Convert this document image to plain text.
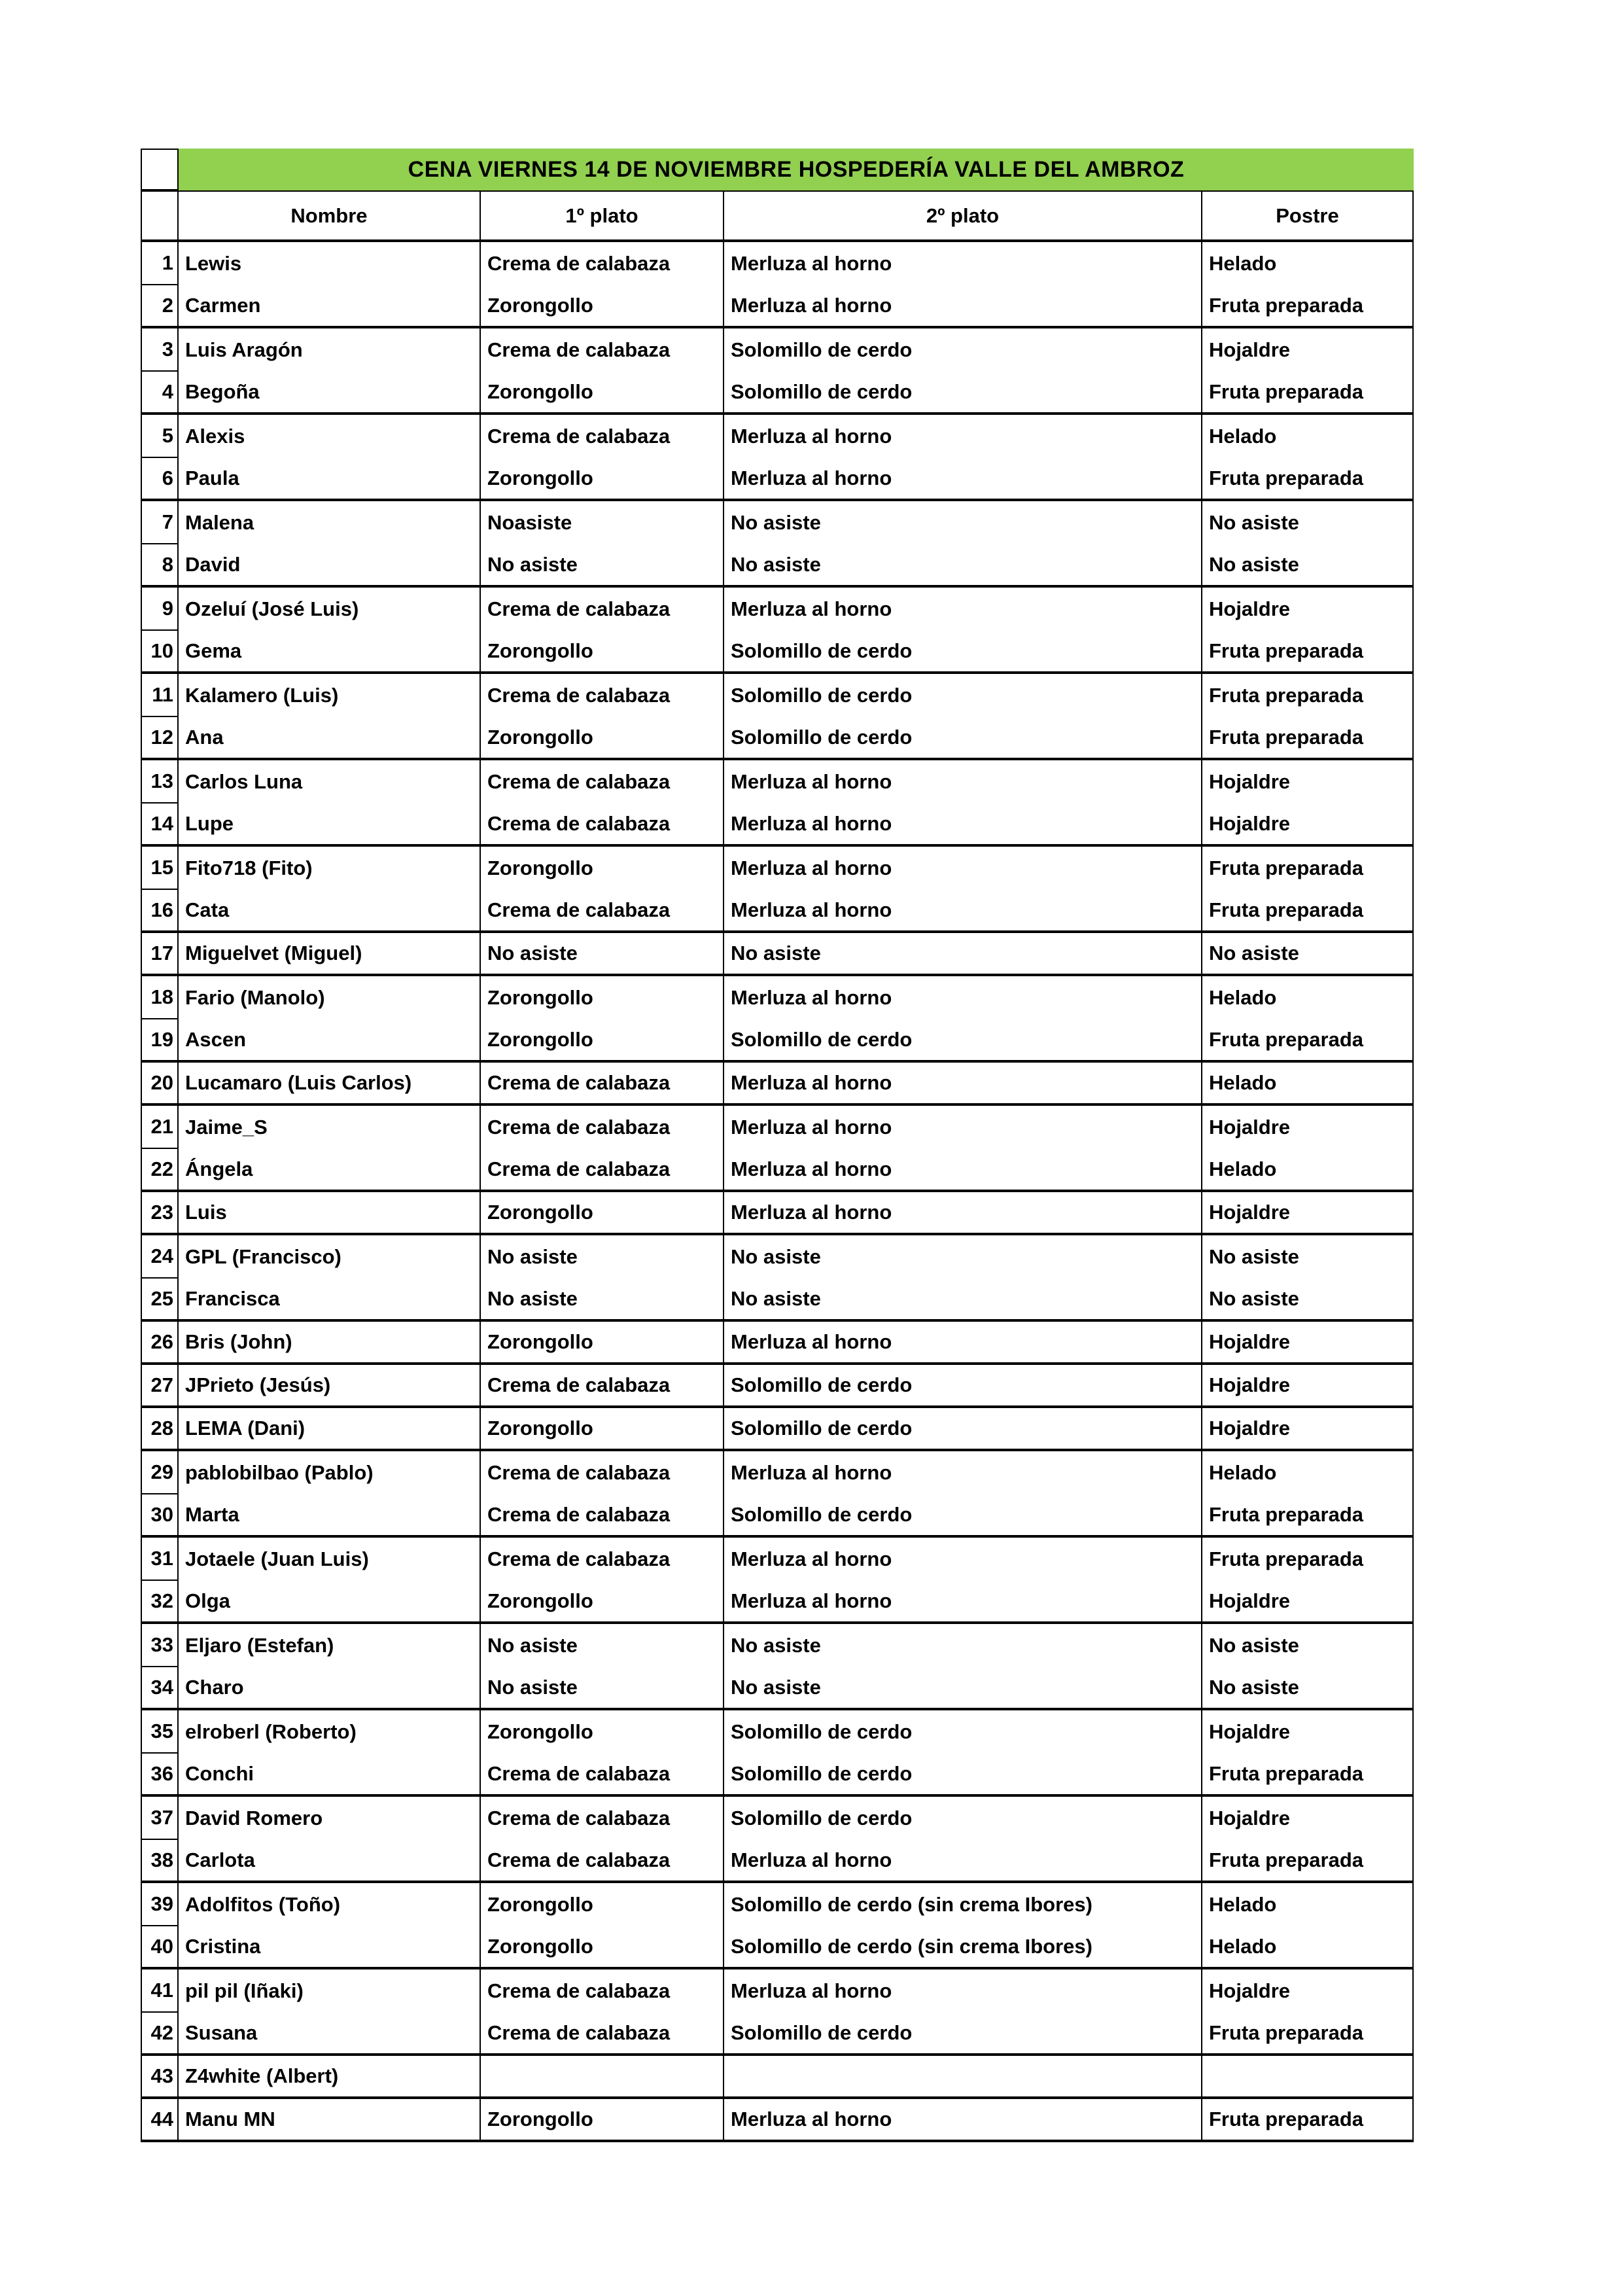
CENA VIERNES 14 DE NOVIEMBRE HOSPEDERÍA VALLE DEL AMBROZ
Nombre	1º plato	2º plato	Postre
1 Lewis	Crema de calabaza	Merluza al horno	Helado
2 Carmen	Zorongollo	Merluza al horno	Fruta preparada
3 Luis Aragón	Crema de calabaza	Solomillo de cerdo	Hojaldre
4 Begoña	Zorongollo	Solomillo de cerdo	Fruta preparada
5 Alexis	Crema de calabaza	Merluza al horno	Helado
6 Paula	Zorongollo	Merluza al horno	Fruta preparada
7 Malena	Noasiste	No asiste	No asiste
8 David	No asiste	No asiste	No asiste
9 Ozeluí (José Luis)	Crema de calabaza	Merluza al horno	Hojaldre
10 Gema	Zorongollo	Solomillo de cerdo	Fruta preparada
11 Kalamero (Luis)	Crema de calabaza	Solomillo de cerdo	Fruta preparada
12 Ana	Zorongollo	Solomillo de cerdo	Fruta preparada
13 Carlos Luna	Crema de calabaza	Merluza al horno	Hojaldre
14 Lupe	Crema de calabaza	Merluza al horno	Hojaldre
15 Fito718 (Fito)	Zorongollo	Merluza al horno	Fruta preparada
16 Cata	Crema de calabaza	Merluza al horno	Fruta preparada
17 Miguelvet (Miguel)	No asiste	No asiste	No asiste
18 Fario (Manolo)	Zorongollo	Merluza al horno	Helado
19 Ascen	Zorongollo	Solomillo de cerdo	Fruta preparada
20 Lucamaro (Luis Carlos)	Crema de calabaza	Merluza al horno	Helado
21 Jaime_S	Crema de calabaza	Merluza al horno	Hojaldre
22 Ángela	Crema de calabaza	Merluza al horno	Helado
23 Luis	Zorongollo	Merluza al horno	Hojaldre
24 GPL (Francisco)	No asiste	No asiste	No asiste
25 Francisca	No asiste	No asiste	No asiste
26 Bris (John)	Zorongollo	Merluza al horno	Hojaldre
27 JPrieto (Jesús)	Crema de calabaza	Solomillo de cerdo	Hojaldre
28 LEMA (Dani)	Zorongollo	Solomillo de cerdo	Hojaldre
29 pablobilbao (Pablo)	Crema de calabaza	Merluza al horno	Helado
30 Marta	Crema de calabaza	Solomillo de cerdo	Fruta preparada
31 Jotaele (Juan Luis)	Crema de calabaza	Merluza al horno	Fruta preparada
32 Olga	Zorongollo	Merluza al horno	Hojaldre
33 Eljaro (Estefan)	No asiste	No asiste	No asiste
34 Charo	No asiste	No asiste	No asiste
35 elroberl (Roberto)	Zorongollo	Solomillo de cerdo	Hojaldre
36 Conchi	Crema de calabaza	Solomillo de cerdo	Fruta preparada
37 David Romero	Crema de calabaza	Solomillo de cerdo	Hojaldre
38 Carlota	Crema de calabaza	Merluza al horno	Fruta preparada
39 Adolfitos (Toño)	Zorongollo	Solomillo de cerdo (sin crema Ibores)	Helado
40 Cristina	Zorongollo	Solomillo de cerdo (sin crema Ibores)	Helado
41 pil pil (Iñaki)	Crema de calabaza	Merluza al horno	Hojaldre
42 Susana	Crema de calabaza	Solomillo de cerdo	Fruta preparada
43 Z4white (Albert)
44 Manu MN	Zorongollo	Merluza al horno	Fruta preparada
